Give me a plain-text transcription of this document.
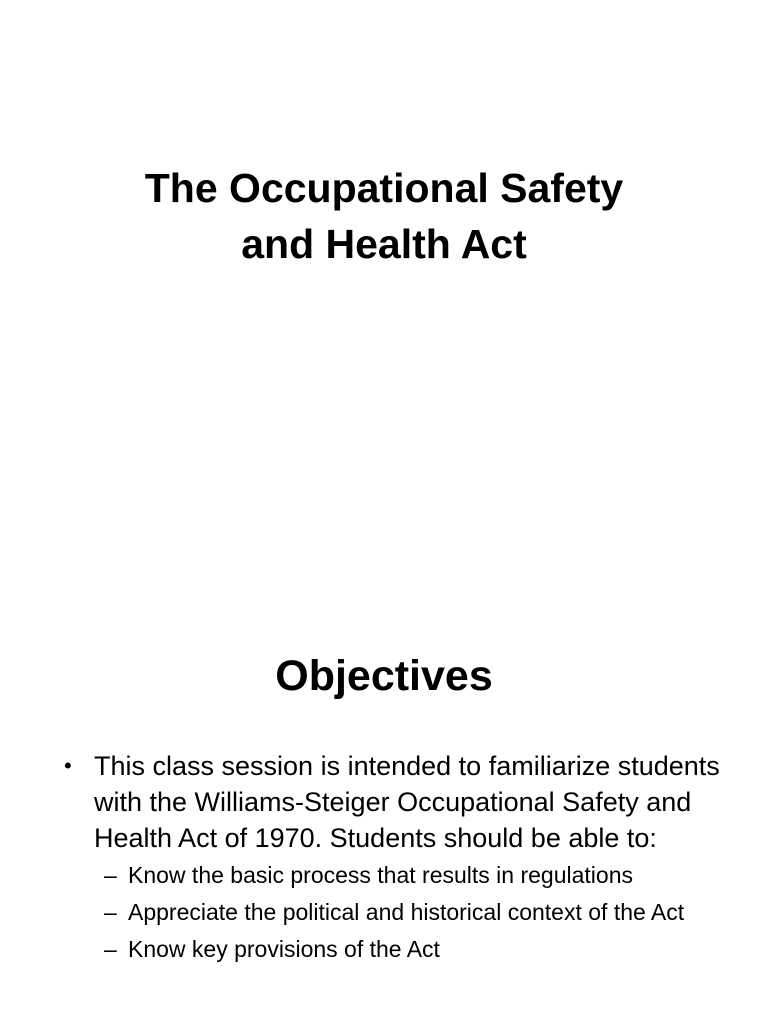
The Occupational Safety
and Health Act
Objectives
• This class session is intended to familiarize students with the Williams-Steiger Occupational Safety and Health Act of 1970. Students should be able to:
– Know the basic process that results in regulations
– Appreciate the political and historical context of the Act
– Know key provisions of the Act
